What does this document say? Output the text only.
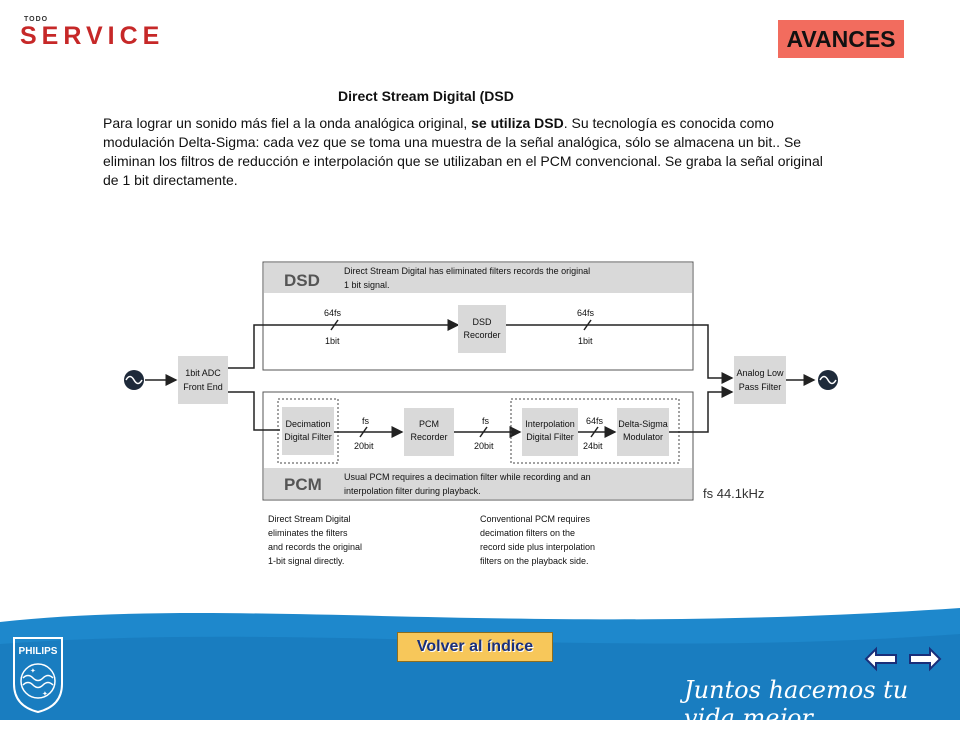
TODO
SERVICE	AVANCES
Direct Stream Digital (DSD
Para lograr un sonido más fiel a la onda analógica original, se utiliza DSD. Su tecnología es conocida como modulación Delta-Sigma: cada vez que se toma una muestra de la señal analógica, sólo se almacena un bit.. Se eliminan los filtros de reducción e interpolación que se utilizaban en el PCM convencional. Se graba la señal original de 1 bit directamente.
DSD	Direct Stream Digital has eliminated filters records the original
1 bit signal.
PCM Usual PCM requires a decimation filter while recording and an
interpolation filter during playback.
1bit ADC
Front End
64fs
1bit
DSD
Recorder
64fs
1bit
Decimation
Digital Filter
fs
20bit
PCM
Recorder
fs
20bit
Interpolation
Digital Filter
64fs
24bit
Delta-Sigma
Modulator
Analog Low
Pass Filter
fs 44.1kHz
Direct Stream Digital
eliminates the filters
and records the original
1-bit signal directly.
Conventional PCM requires
decimation filters on the
record side plus interpolation
filters on the playback side.
PHILIPS
✦
✦
Volver al índice
Juntos hacemos tu vida mejor
